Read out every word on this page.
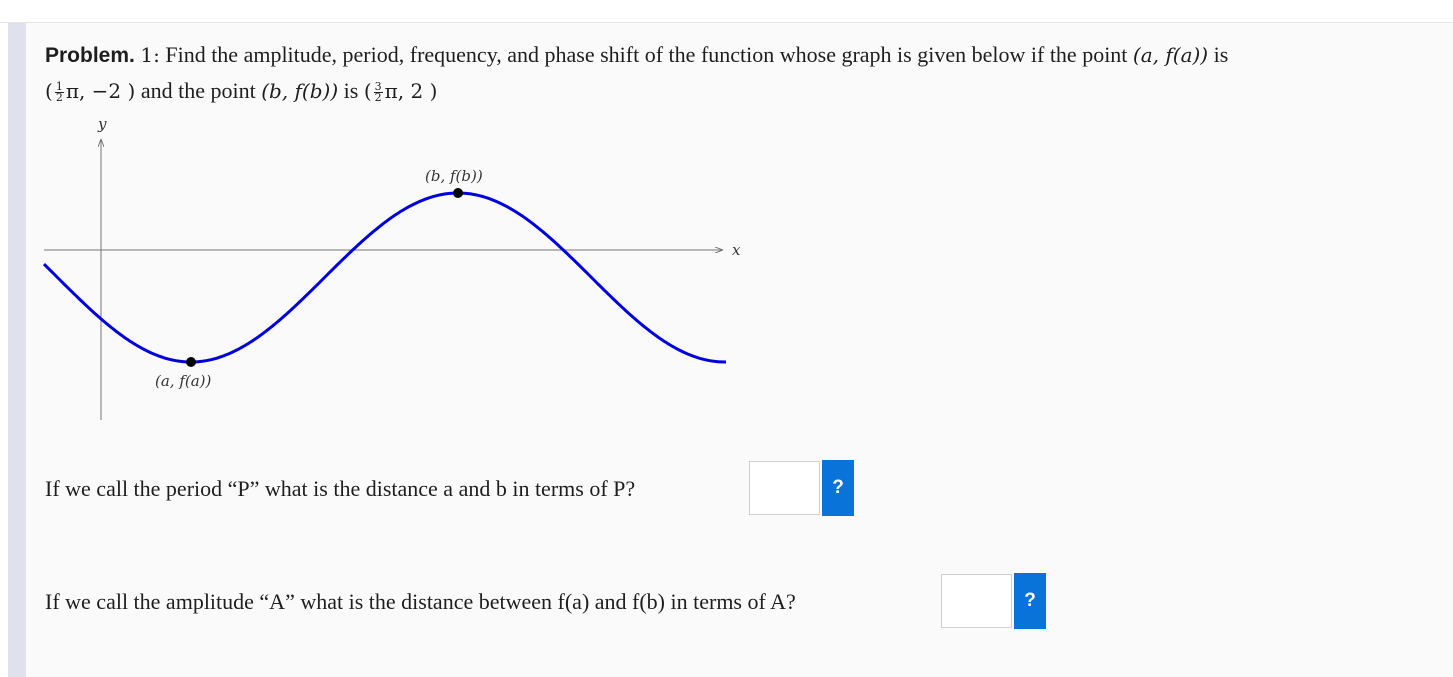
Problem. 1: Find the amplitude, period, frequency, and phase shift of the function whose graph is given below if the point (a, f(a)) is
( $\frac{1}{2} \pi$, −2 ) and the point (b, f(b)) is ( $\frac{3}{2} \pi$, 2 )
y
x
(b, f(b))
(a, f(a))
If we call the period “P” what is the distance a and b in terms of P?	?
If we call the amplitude “A” what is the distance between f(a) and f(b) in terms of A?	?
